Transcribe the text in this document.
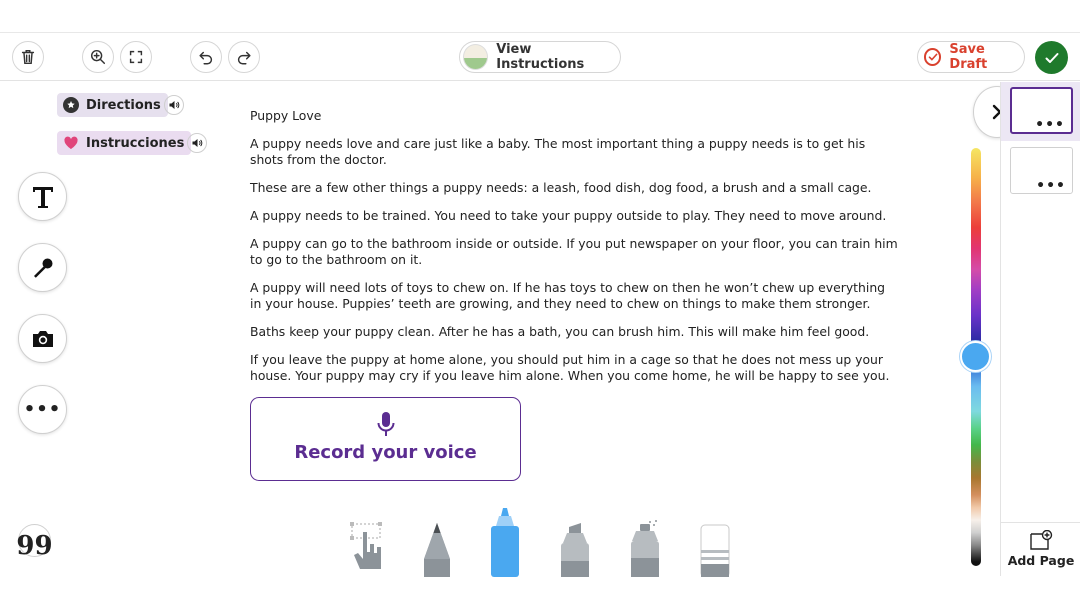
View Instructions
Save Draft
Directions
Instrucciones
•••
99
Puppy Love

A puppy needs love and care just like a baby. The most important thing a puppy needs is to get his shots from the doctor.

These are a few other things a puppy needs: a leash, food dish, dog food, a brush and a small cage.

A puppy needs to be trained. You need to take your puppy outside to play. They need to move around.

A puppy can go to the bathroom inside or outside. If you put newspaper on your floor, you can train him to go to the bathroom on it.

A puppy will need lots of toys to chew on. If he has toys to chew on then he won’t chew up everything in your house. Puppies’ teeth are growing, and they need to chew on things to make them stronger.

Baths keep your puppy clean. After he has a bath, you can brush him. This will make him feel good.

If you leave the puppy at home alone, you should put him in a cage so that he does not mess up your house. Your puppy may cry if you leave him alone. When you come home, he will be happy to see you.

Record your voice
•••
•••
Add Page
